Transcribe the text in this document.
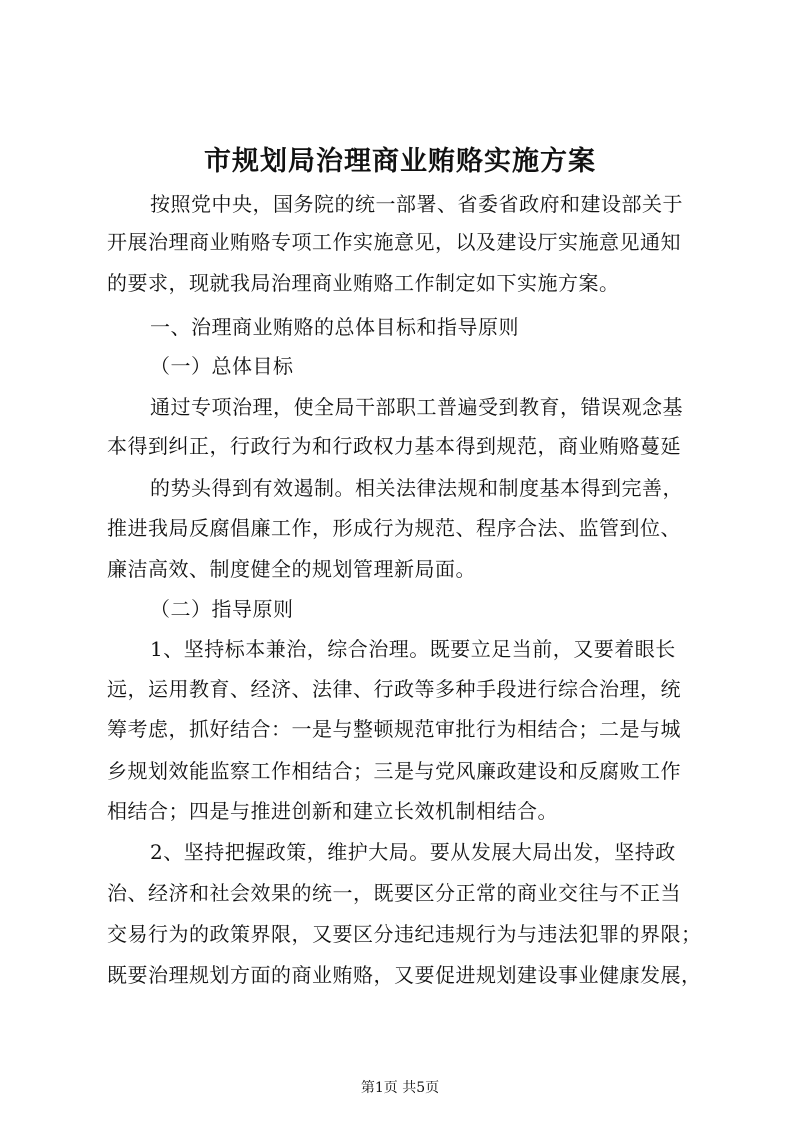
市规划局治理商业贿赂实施方案
按照党中央，国务院的统一部署、省委省政府和建设部关于
开展治理商业贿赂专项工作实施意见，以及建设厅实施意见通知
的要求，现就我局治理商业贿赂工作制定如下实施方案。
一、治理商业贿赂的总体目标和指导原则
（一）总体目标
通过专项治理，使全局干部职工普遍受到教育，错误观念基
本得到纠正，行政行为和行政权力基本得到规范，商业贿赂蔓延
的势头得到有效遏制。相关法律法规和制度基本得到完善，
推进我局反腐倡廉工作，形成行为规范、程序合法、监管到位、
廉洁高效、制度健全的规划管理新局面。
（二）指导原则
1、坚持标本兼治，综合治理。既要立足当前，又要着眼长
远，运用教育、经济、法律、行政等多种手段进行综合治理，统
筹考虑，抓好结合：一是与整顿规范审批行为相结合；二是与城
乡规划效能监察工作相结合；三是与党风廉政建设和反腐败工作
相结合；四是与推进创新和建立长效机制相结合。
2、坚持把握政策，维护大局。要从发展大局出发，坚持政
治、经济和社会效果的统一，既要区分正常的商业交往与不正当
交易行为的政策界限，又要区分违纪违规行为与违法犯罪的界限；
既要治理规划方面的商业贿赂，又要促进规划建设事业健康发展，
第1页 共5页
